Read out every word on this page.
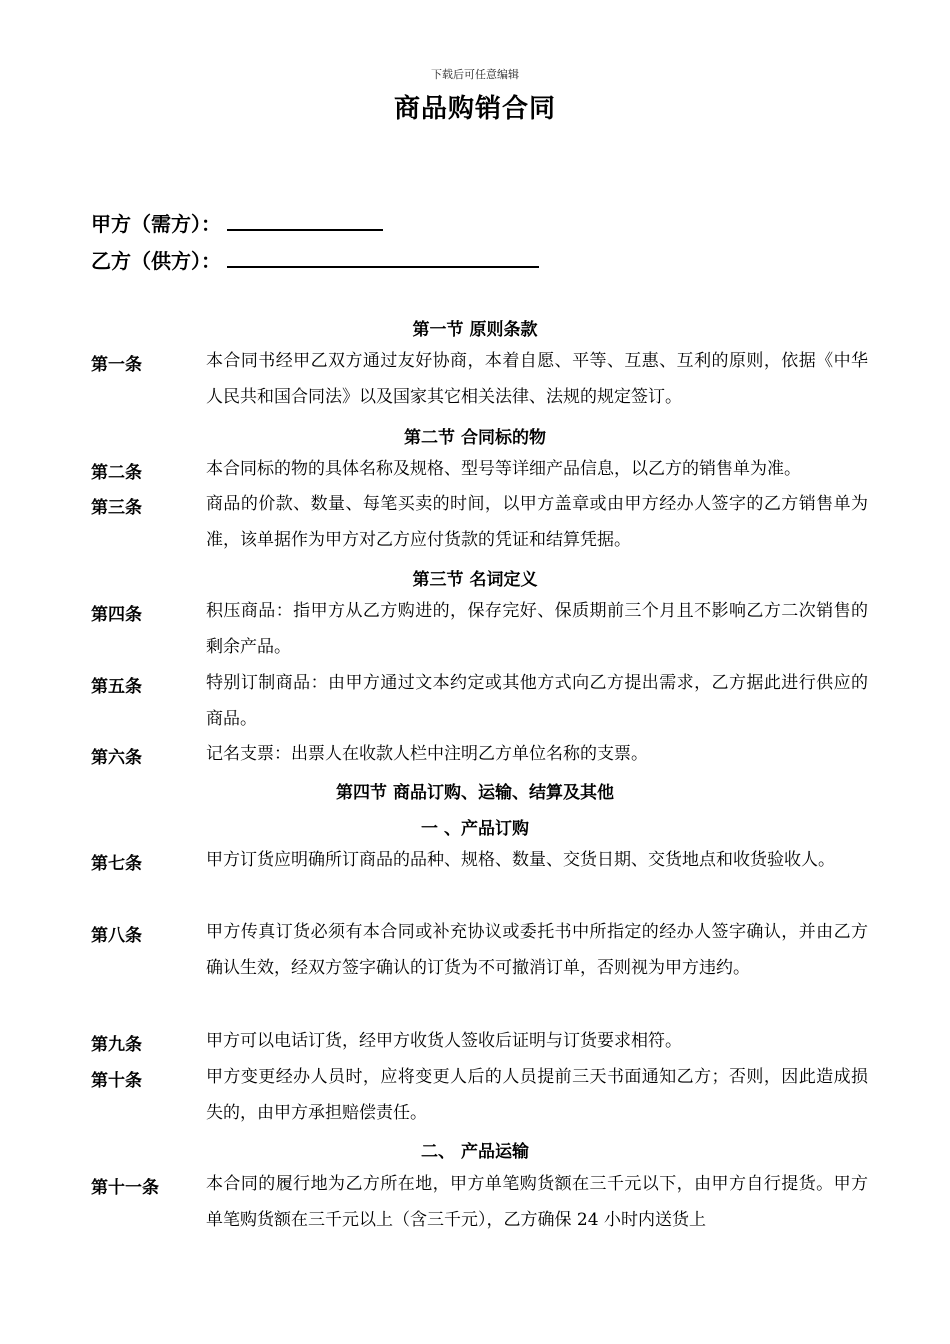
下载后可任意编辑
商品购销合同
甲方（需方）：
乙方（供方）：
第一节 原则条款
第一条	本合同书经甲乙双方通过友好协商，本着自愿、平等、互惠、互利的原则，依据《中华人民共和国合同法》以及国家其它相关法律、法规的规定签订。
第二节 合同标的物
第二条	本合同标的物的具体名称及规格、型号等详细产品信息，以乙方的销售单为准。
第三条	商品的价款、数量、每笔买卖的时间，以甲方盖章或由甲方经办人签字的乙方销售单为准，该单据作为甲方对乙方应付货款的凭证和结算凭据。
第三节 名词定义
第四条	积压商品：指甲方从乙方购进的，保存完好、保质期前三个月且不影响乙方二次销售的剩余产品。
第五条	特别订制商品：由甲方通过文本约定或其他方式向乙方提出需求，乙方据此进行供应的商品。
第六条	记名支票：出票人在收款人栏中注明乙方单位名称的支票。
第四节 商品订购、运输、结算及其他
一 、产品订购
第七条	甲方订货应明确所订商品的品种、规格、数量、交货日期、交货地点和收货验收人。
第八条	甲方传真订货必须有本合同或补充协议或委托书中所指定的经办人签字确认，并由乙方确认生效，经双方签字确认的订货为不可撤消订单，否则视为甲方违约。
第九条	甲方可以电话订货，经甲方收货人签收后证明与订货要求相符。
第十条	甲方变更经办人员时，应将变更人后的人员提前三天书面通知乙方；否则，因此造成损失的，由甲方承担赔偿责任。
二、 产品运输
第十一条	本合同的履行地为乙方所在地，甲方单笔购货额在三千元以下，由甲方自行提货。甲方单笔购货额在三千元以上（含三千元），乙方确保 24 小时内送货上
